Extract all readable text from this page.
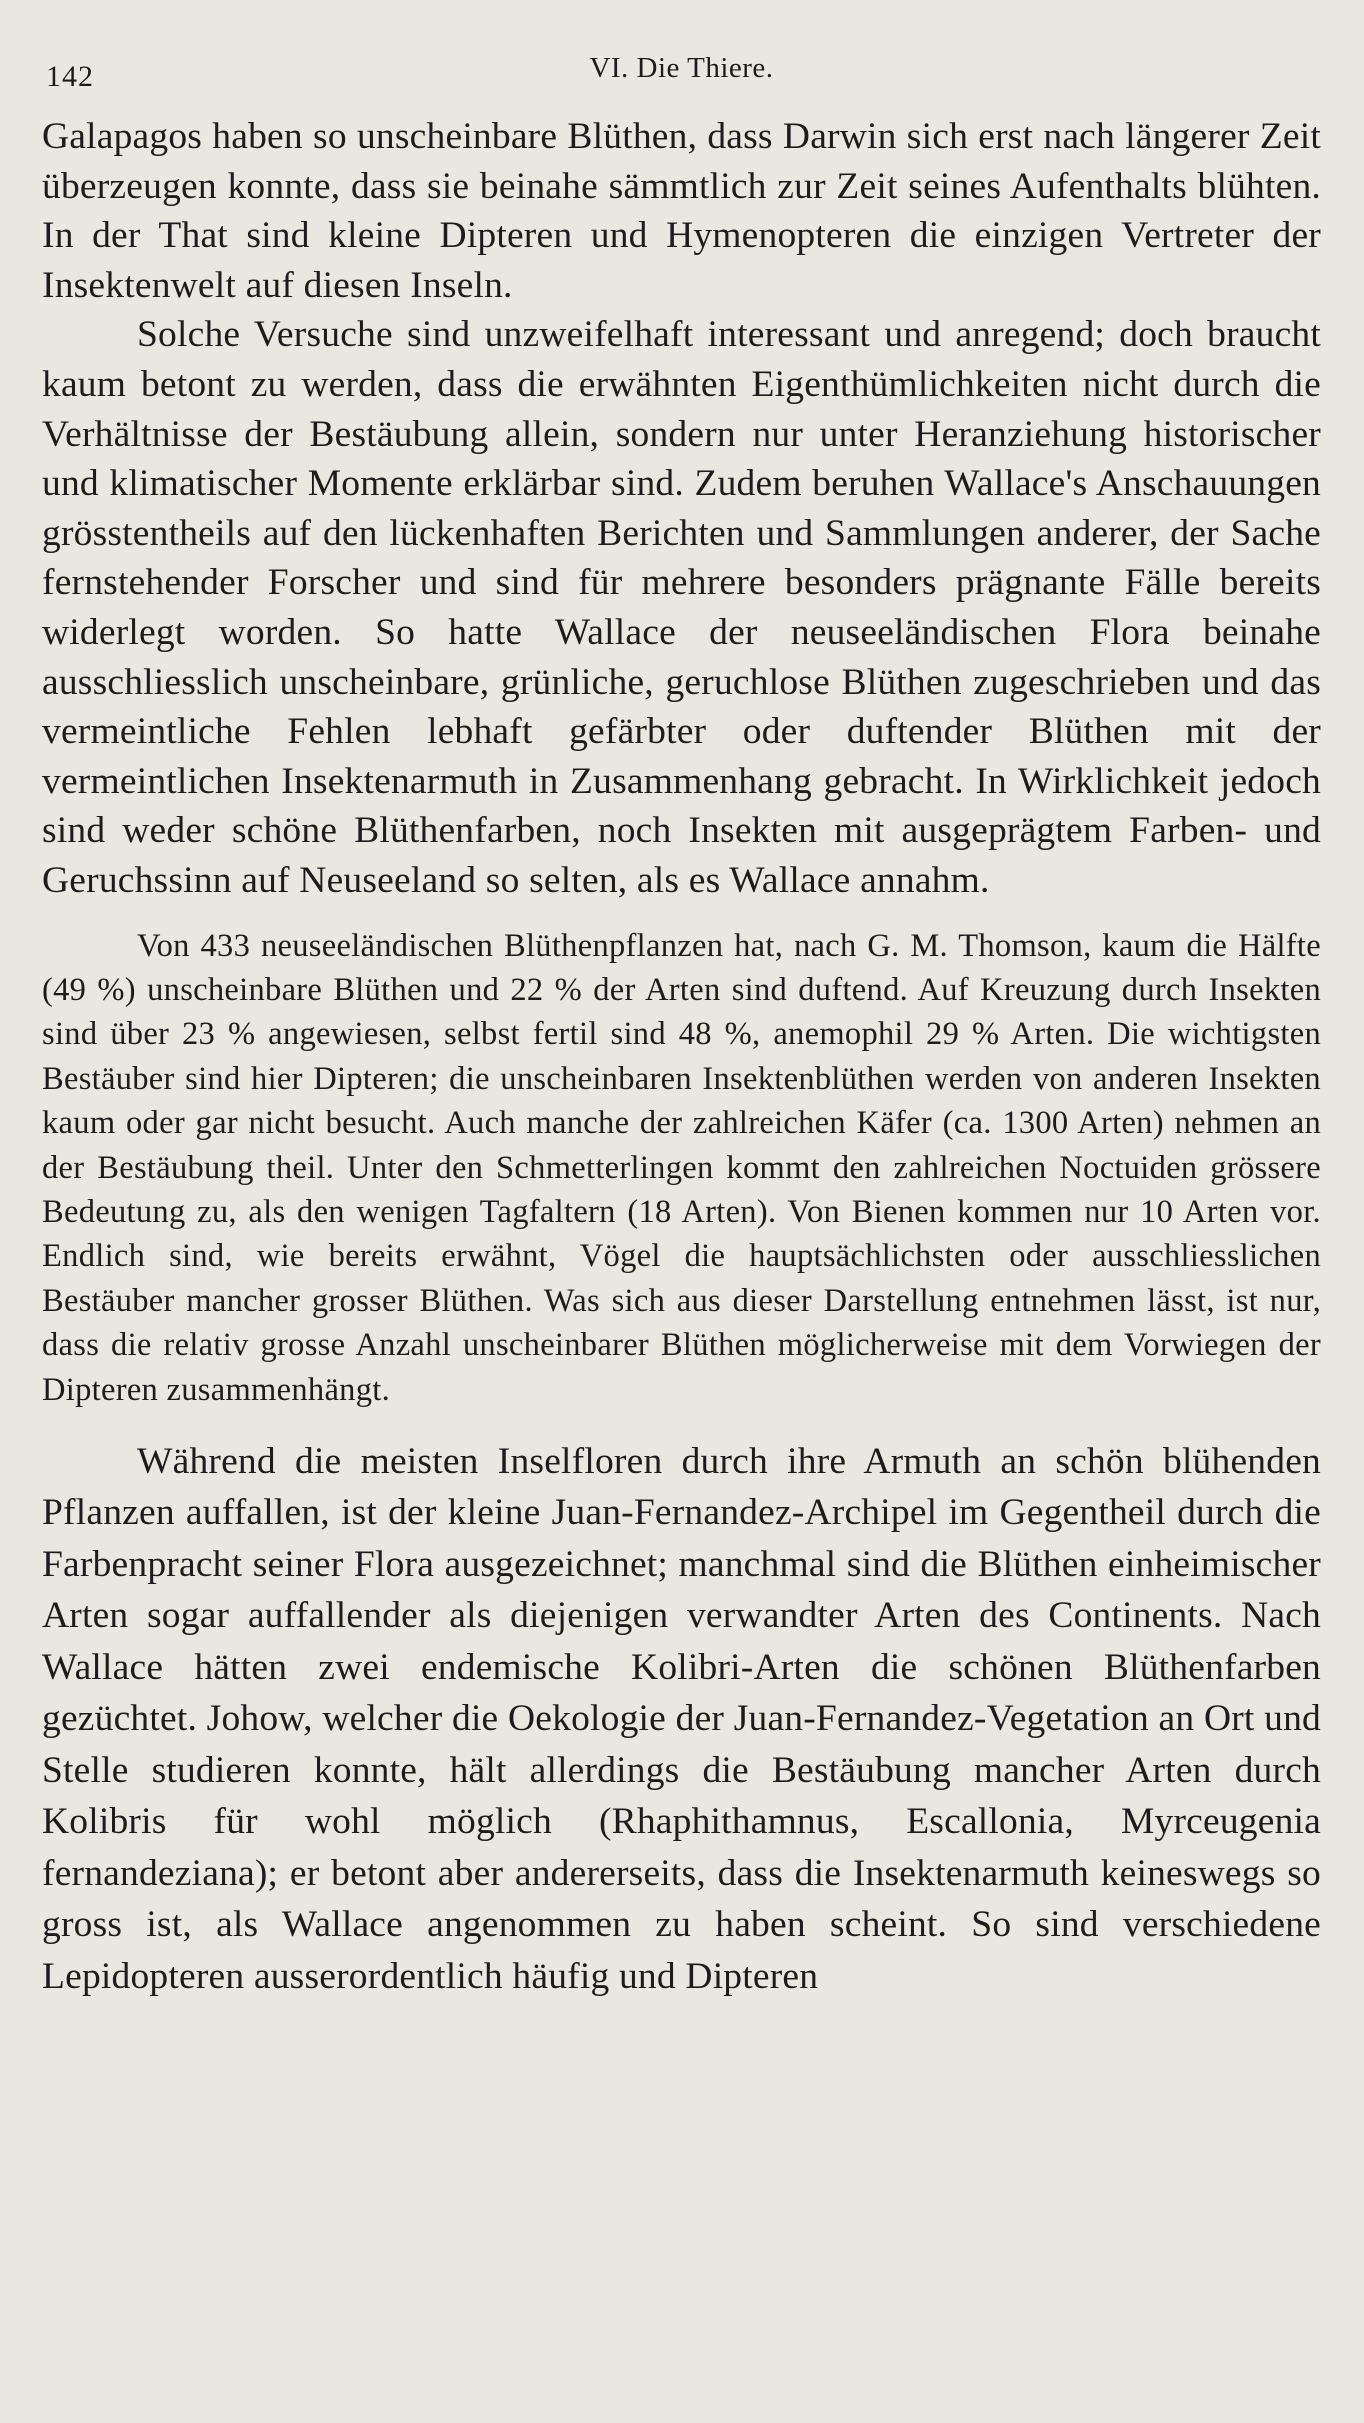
142	VI. Die Thiere.

Galapagos haben so unscheinbare Blüthen, dass Darwin sich erst nach längerer Zeit überzeugen konnte, dass sie beinahe sämmtlich zur Zeit seines Aufenthalts blühten. In der That sind kleine Dipteren und Hymenopteren die einzigen Vertreter der Insektenwelt auf diesen Inseln.

Solche Versuche sind unzweifelhaft interessant und anregend; doch braucht kaum betont zu werden, dass die erwähnten Eigenthümlichkeiten nicht durch die Verhältnisse der Bestäubung allein, sondern nur unter Heranziehung historischer und klimatischer Momente erklärbar sind. Zudem beruhen Wallace's Anschauungen grösstentheils auf den lückenhaften Berichten und Sammlungen anderer, der Sache fernstehender Forscher und sind für mehrere besonders prägnante Fälle bereits widerlegt worden. So hatte Wallace der neuseeländischen Flora beinahe ausschliesslich unscheinbare, grünliche, geruchlose Blüthen zugeschrieben und das vermeintliche Fehlen lebhaft gefärbter oder duftender Blüthen mit der vermeintlichen Insektenarmuth in Zusammenhang gebracht. In Wirklichkeit jedoch sind weder schöne Blüthenfarben, noch Insekten mit ausgeprägtem Farben- und Geruchssinn auf Neuseeland so selten, als es Wallace annahm.

Von 433 neuseeländischen Blüthenpflanzen hat, nach G. M. Thomson, kaum die Hälfte (49 %) unscheinbare Blüthen und 22 % der Arten sind duftend. Auf Kreuzung durch Insekten sind über 23 % angewiesen, selbst fertil sind 48 %, anemophil 29 % Arten. Die wichtigsten Bestäuber sind hier Dipteren; die unscheinbaren Insektenblüthen werden von anderen Insekten kaum oder gar nicht besucht. Auch manche der zahlreichen Käfer (ca. 1300 Arten) nehmen an der Bestäubung theil. Unter den Schmetterlingen kommt den zahlreichen Noctuiden grössere Bedeutung zu, als den wenigen Tagfaltern (18 Arten). Von Bienen kommen nur 10 Arten vor. Endlich sind, wie bereits erwähnt, Vögel die hauptsächlichsten oder ausschliesslichen Bestäuber mancher grosser Blüthen. Was sich aus dieser Darstellung entnehmen lässt, ist nur, dass die relativ grosse Anzahl unscheinbarer Blüthen möglicherweise mit dem Vorwiegen der Dipteren zusammenhängt.

Während die meisten Inselfloren durch ihre Armuth an schön blühenden Pflanzen auffallen, ist der kleine Juan-Fernandez-Archipel im Gegentheil durch die Farbenpracht seiner Flora ausgezeichnet; manchmal sind die Blüthen einheimischer Arten sogar auffallender als diejenigen verwandter Arten des Continents. Nach Wallace hätten zwei endemische Kolibri-Arten die schönen Blüthenfarben gezüchtet. Johow, welcher die Oekologie der Juan-Fernandez-Vegetation an Ort und Stelle studieren konnte, hält allerdings die Bestäubung mancher Arten durch Kolibris für wohl möglich (Rhaphithamnus, Escallonia, Myrceugenia fernandeziana); er betont aber andererseits, dass die Insektenarmuth keineswegs so gross ist, als Wallace angenommen zu haben scheint. So sind verschiedene Lepidopteren ausserordentlich häufig und Dipteren
